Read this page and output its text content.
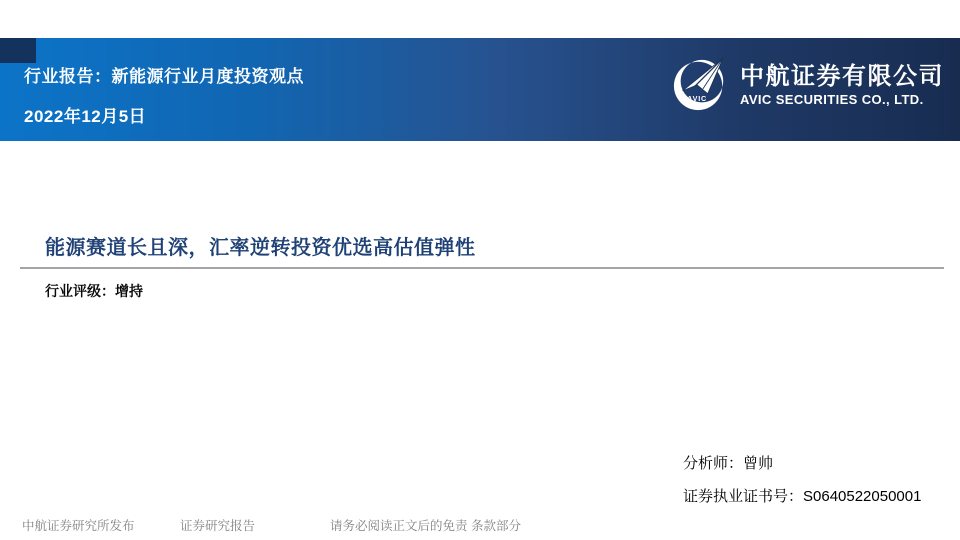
行业报告：新能源行业月度投资观点
2022年12月5日
AVIC
中航证券有限公司
AVIC SECURITIES CO., LTD.
能源赛道长且深，汇率逆转投资优选高估值弹性
行业评级：增持
分析师：曾帅
证券执业证书号：S0640522050001
中航证券研究所发布	证券研究报告	请务必阅读正文后的免责 条款部分
